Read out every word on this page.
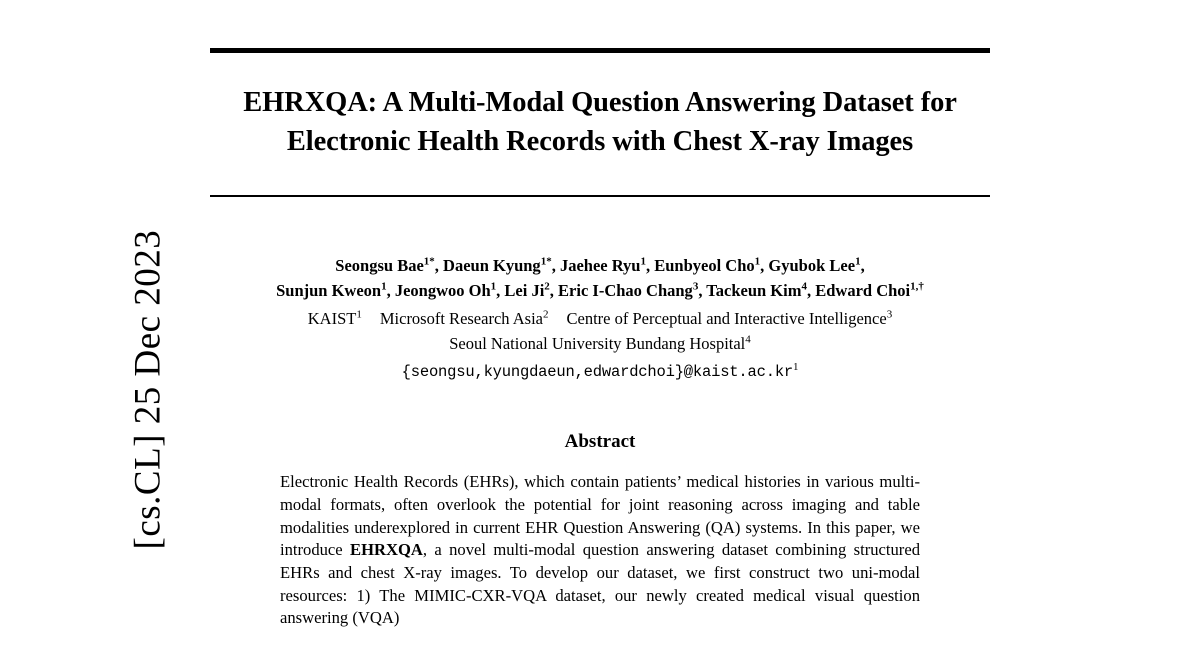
[cs.CL] 25 Dec 2023
EHRXQA: A Multi-Modal Question Answering Dataset for Electronic Health Records with Chest X-ray Images
Seongsu Bae$^{1*}$, Daeun Kyung$^{1*}$, Jaehee Ryu$^1$, Eunbyeol Cho$^1$, Gyubok Lee$^1$,
Sunjun Kweon$^1$, Jeongwoo Oh$^1$, Lei Ji$^2$, Eric I-Chao Chang$^3$, Tackeun Kim$^4$, Edward Choi$^{1,\dagger}$
KAIST$^1$ Microsoft Research Asia$^2$ Centre of Perceptual and Interactive Intelligence$^3$
Seoul National University Bundang Hospital$^4$
$\{seongsu,kyungdaeun,edwardchoi\}@kaist.ac.kr^1$
Abstract
Electronic Health Records (EHRs), which contain patients’ medical histories in various multi-modal formats, often overlook the potential for joint reasoning across imaging and table modalities underexplored in current EHR Question Answering (QA) systems. In this paper, we introduce EHRXQA, a novel multi-modal question answering dataset combining structured EHRs and chest X-ray images. To develop our dataset, we first construct two uni-modal resources: 1) The MIMIC-CXR-VQA dataset, our newly created medical visual question answering (VQA)
